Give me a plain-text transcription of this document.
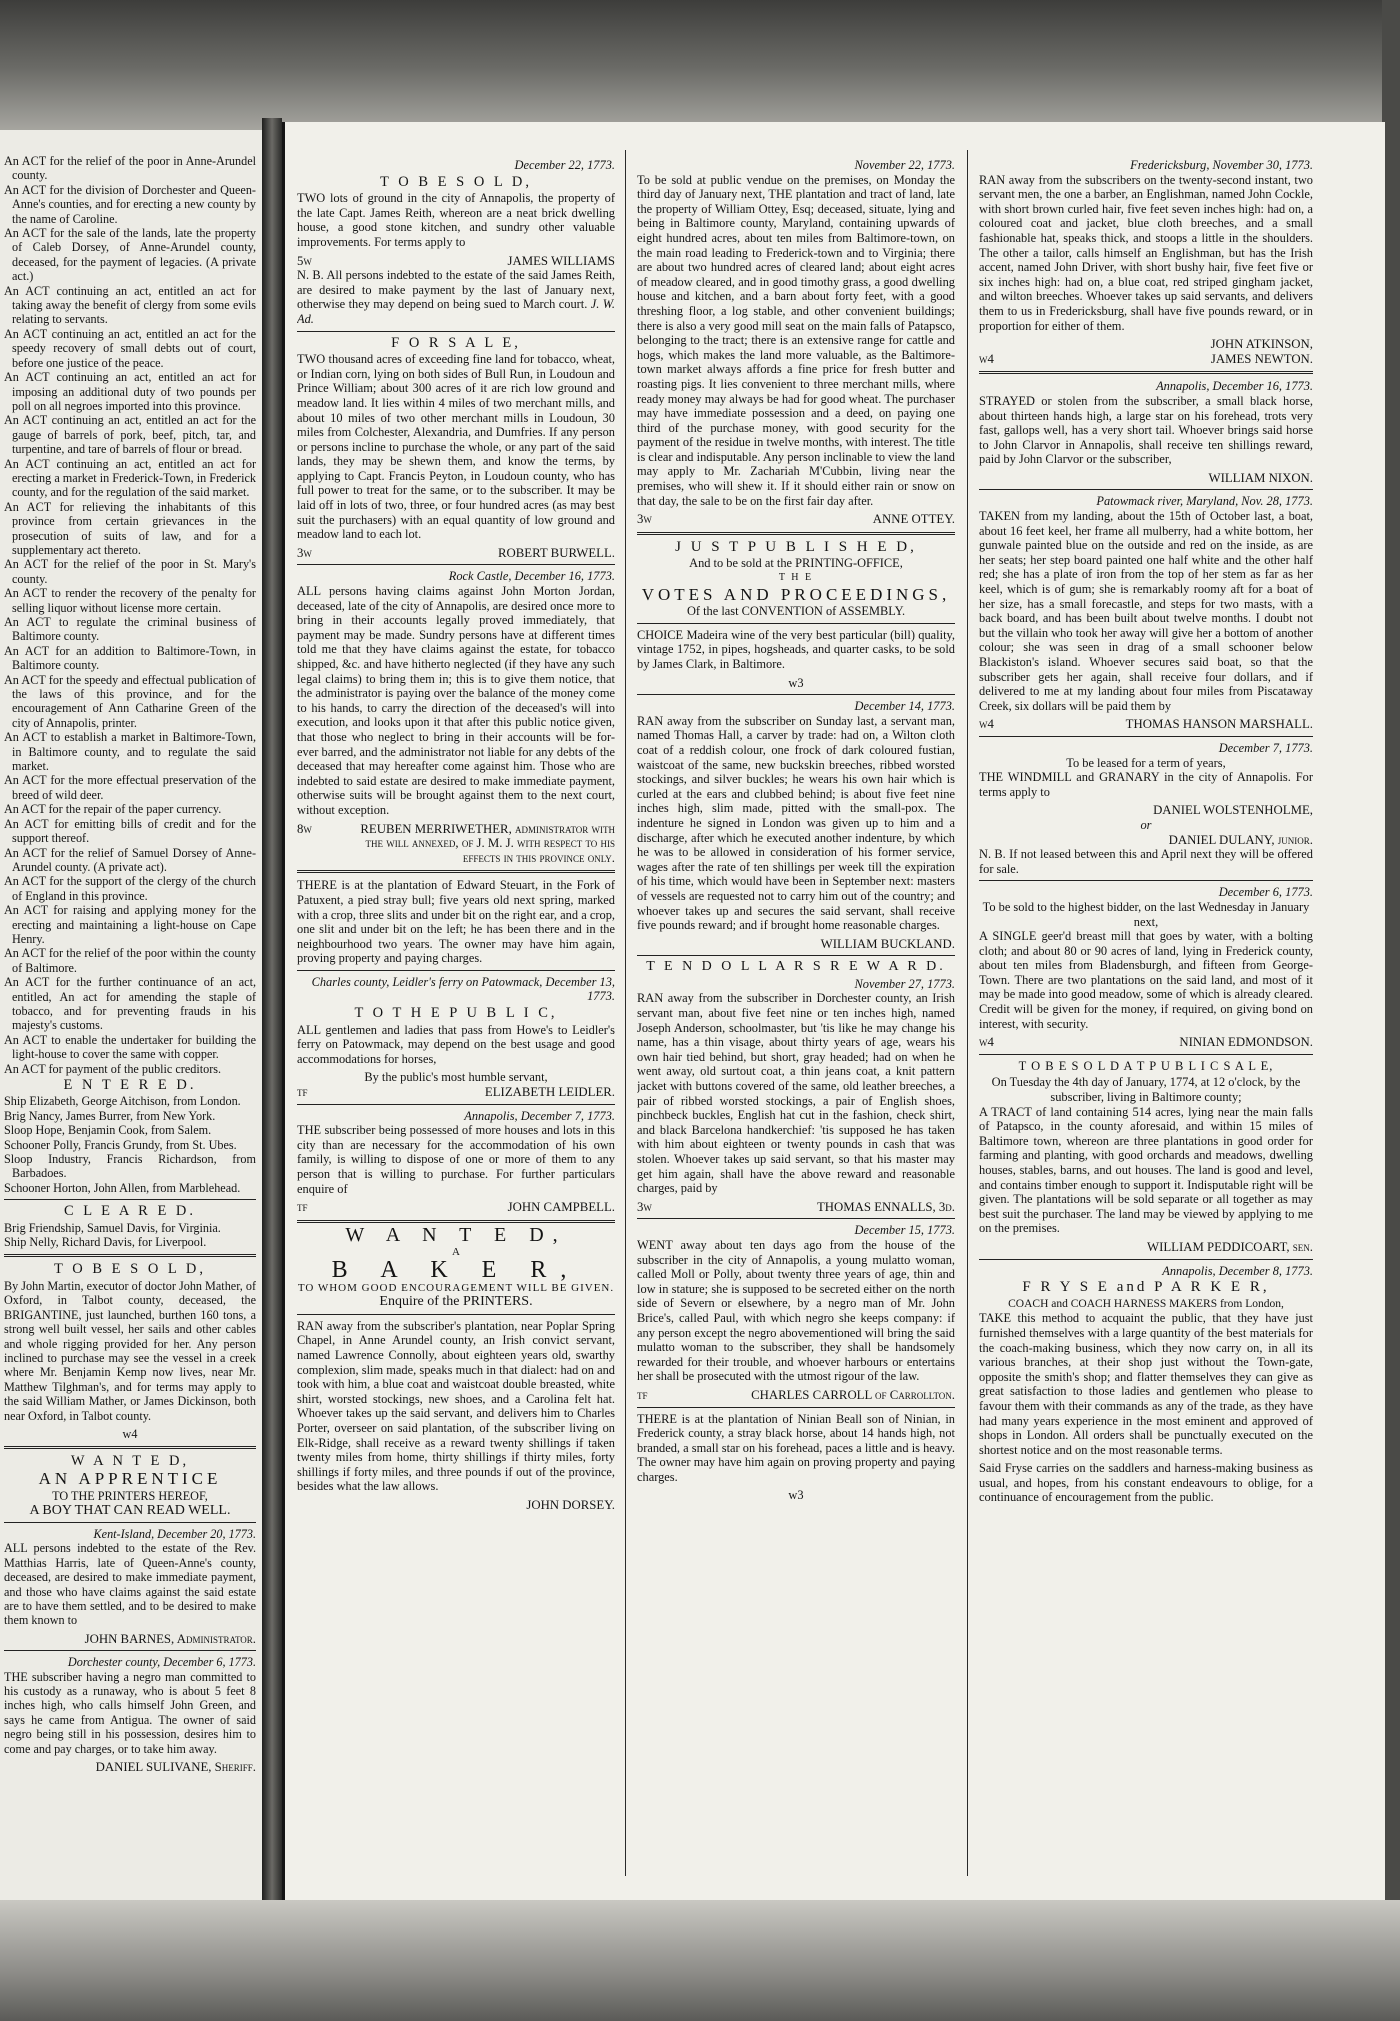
An ACT for the relief of the poor in Anne-Arundel county.

An ACT for the division of Dorchester and Queen-Anne's counties, and for erecting a new county by the name of Caroline.

An ACT for the sale of the lands, late the property of Caleb Dorsey, of Anne-Arundel county, deceased, for the payment of legacies. (A private act.)

An ACT continuing an act, entitled an act for taking away the benefit of clergy from some evils relating to servants.

An ACT continuing an act, entitled an act for the speedy recovery of small debts out of court, before one justice of the peace.

An ACT continuing an act, entitled an act for imposing an additional duty of two pounds per poll on all negroes imported into this province.

An ACT continuing an act, entitled an act for the gauge of barrels of pork, beef, pitch, tar, and turpentine, and tare of barrels of flour or bread.

An ACT continuing an act, entitled an act for erecting a market in Frederick-Town, in Frederick county, and for the regulation of the said market.

An ACT for relieving the inhabitants of this province from certain grievances in the prosecution of suits of law, and for a supplementary act thereto.

An ACT for the relief of the poor in St. Mary's county.

An ACT to render the recovery of the penalty for selling liquor without license more certain.

An ACT to regulate the criminal business of Baltimore county.

An ACT for an addition to Baltimore-Town, in Baltimore county.

An ACT for the speedy and effectual publication of the laws of this province, and for the encouragement of Ann Catharine Green of the city of Annapolis, printer.

An ACT to establish a market in Baltimore-Town, in Baltimore county, and to regulate the said market.

An ACT for the more effectual preservation of the breed of wild deer.

An ACT for the repair of the paper currency.

An ACT for emitting bills of credit and for the support thereof.

An ACT for the relief of Samuel Dorsey of Anne-Arundel county. (A private act).

An ACT for the support of the clergy of the church of England in this province.

An ACT for raising and applying money for the erecting and maintaining a light-house on Cape Henry.

An ACT for the relief of the poor within the county of Baltimore.

An ACT for the further continuance of an act, entitled, An act for amending the staple of tobacco, and for preventing frauds in his majesty's customs.

An ACT to enable the undertaker for building the light-house to cover the same with copper.

An ACT for payment of the public creditors.

E N T E R E D.

Ship Elizabeth, George Aitchison, from London.

Brig Nancy, James Burrer, from New York.

Sloop Hope, Benjamin Cook, from Salem.

Schooner Polly, Francis Grundy, from St. Ubes.

Sloop Industry, Francis Richardson, from Barbadoes.

Schooner Horton, John Allen, from Marblehead.

C L E A R E D.

Brig Friendship, Samuel Davis, for Virginia.

Ship Nelly, Richard Davis, for Liverpool.

T O B E S O L D,

By John Martin, executor of doctor John Mather, of Oxford, in Talbot county, deceased, the BRIGANTINE, just launched, burthen 160 tons, a strong well built vessel, her sails and other cables and whole rigging provided for her. Any person inclined to purchase may see the vessel in a creek where Mr. Benjamin Kemp now lives, near Mr. Matthew Tilghman's, and for terms may apply to the said William Mather, or James Dickinson, both near Oxford, in Talbot county.

w4
W A N T E D,
AN APPRENTICE
TO THE PRINTERS HEREOF,
A BOY THAT CAN READ WELL.
Kent-Island, December 20, 1773.

ALL persons indebted to the estate of the Rev. Matthias Harris, late of Queen-Anne's county, deceased, are desired to make immediate payment, and those who have claims against the said estate are to have them settled, and to be desired to make them known to

JOHN BARNES, Administrator.
Dorchester county, December 6, 1773.

THE subscriber having a negro man committed to his custody as a runaway, who is about 5 feet 8 inches high, who calls himself John Green, and says he came from Antigua. The owner of said negro being still in his possession, desires him to come and pay charges, or to take him away.

DANIEL SULIVANE, Sheriff.
December 22, 1773.
T O B E S O L D,

TWO lots of ground in the city of Annapolis, the property of the late Capt. James Reith, whereon are a neat brick dwelling house, a good stone kitchen, and sundry other valuable improvements. For terms apply to

5w	JAMES WILLIAMS

N. B. All persons indebted to the estate of the said James Reith, are desired to make payment by the last of January next, otherwise they may depend on being sued to March court. J. W. Ad.

F O R S A L E,

TWO thousand acres of exceeding fine land for tobacco, wheat, or Indian corn, lying on both sides of Bull Run, in Loudoun and Prince William; about 300 acres of it are rich low ground and meadow land. It lies within 4 miles of two merchant mills, and about 10 miles of two other merchant mills in Loudoun, 30 miles from Colchester, Alexandria, and Dumfries. If any person or persons incline to purchase the whole, or any part of the said lands, they may be shewn them, and know the terms, by applying to Capt. Francis Peyton, in Loudoun county, who has full power to treat for the same, or to the subscriber. It may be laid off in lots of two, three, or four hundred acres (as may best suit the purchasers) with an equal quantity of low ground and meadow land to each lot.

3w	ROBERT BURWELL.
Rock Castle, December 16, 1773.

ALL persons having claims against John Morton Jordan, deceased, late of the city of Annapolis, are desired once more to bring in their accounts legally proved immediately, that payment may be made. Sundry persons have at different times told me that they have claims against the estate, for tobacco shipped, &c. and have hitherto neglected (if they have any such legal claims) to bring them in; this is to give them notice, that the administrator is paying over the balance of the money come to his hands, to carry the direction of the deceased's will into execution, and looks upon it that after this public notice given, that those who neglect to bring in their accounts will be for-ever barred, and the administrator not liable for any debts of the deceased that may hereafter come against him. Those who are indebted to said estate are desired to make immediate payment, otherwise suits will be brought against them to the next court, without exception.

8w	REUBEN MERRIWETHER, administrator with the will annexed, of J. M. J. with respect to his effects in this province only.

THERE is at the plantation of Edward Steuart, in the Fork of Patuxent, a pied stray bull; five years old next spring, marked with a crop, three slits and under bit on the right ear, and a crop, one slit and under bit on the left; he has been there and in the neighbourhood two years. The owner may have him again, proving property and paying charges.

Charles county, Leidler's ferry on Patowmack, December 13, 1773.
T O T H E P U B L I C,

ALL gentlemen and ladies that pass from Howe's to Leidler's ferry on Patowmack, may depend on the best usage and good accommodations for horses,

By the public's most humble servant,
tf	ELIZABETH LEIDLER.
Annapolis, December 7, 1773.

THE subscriber being possessed of more houses and lots in this city than are necessary for the accommodation of his own family, is willing to dispose of one or more of them to any person that is willing to purchase. For further particulars enquire of

tf	JOHN CAMPBELL.
W A N T E D,
A
B A K E R,
TO WHOM GOOD ENCOURAGEMENT WILL BE GIVEN.
Enquire of the PRINTERS.

RAN away from the subscriber's plantation, near Poplar Spring Chapel, in Anne Arundel county, an Irish convict servant, named Lawrence Connolly, about eighteen years old, swarthy complexion, slim made, speaks much in that dialect: had on and took with him, a blue coat and waistcoat double breasted, white shirt, worsted stockings, new shoes, and a Carolina felt hat. Whoever takes up the said servant, and delivers him to Charles Porter, overseer on said plantation, of the subscriber living on Elk-Ridge, shall receive as a reward twenty shillings if taken twenty miles from home, thirty shillings if thirty miles, forty shillings if forty miles, and three pounds if out of the province, besides what the law allows.

JOHN DORSEY.
November 22, 1773.

To be sold at public vendue on the premises, on Monday the third day of January next, THE plantation and tract of land, late the property of William Ottey, Esq; deceased, situate, lying and being in Baltimore county, Maryland, containing upwards of eight hundred acres, about ten miles from Baltimore-town, on the main road leading to Frederick-town and to Virginia; there are about two hundred acres of cleared land; about eight acres of meadow cleared, and in good timothy grass, a good dwelling house and kitchen, and a barn about forty feet, with a good threshing floor, a log stable, and other convenient buildings; there is also a very good mill seat on the main falls of Patapsco, belonging to the tract; there is an extensive range for cattle and hogs, which makes the land more valuable, as the Baltimore-town market always affords a fine price for fresh butter and roasting pigs. It lies convenient to three merchant mills, where ready money may always be had for good wheat. The purchaser may have immediate possession and a deed, on paying one third of the purchase money, with good security for the payment of the residue in twelve months, with interest. The title is clear and indisputable. Any person inclinable to view the land may apply to Mr. Zachariah M'Cubbin, living near the premises, who will shew it. If it should either rain or snow on that day, the sale to be on the first fair day after.

3w	ANNE OTTEY.
J U S T P U B L I S H E D,
And to be sold at the PRINTING-OFFICE,
T H E
VOTES AND PROCEEDINGS,
Of the last CONVENTION of ASSEMBLY.

CHOICE Madeira wine of the very best particular (bill) quality, vintage 1752, in pipes, hogsheads, and quarter casks, to be sold by James Clark, in Baltimore.

w3
December 14, 1773.

RAN away from the subscriber on Sunday last, a servant man, named Thomas Hall, a carver by trade: had on, a Wilton cloth coat of a reddish colour, one frock of dark coloured fustian, waistcoat of the same, new buckskin breeches, ribbed worsted stockings, and silver buckles; he wears his own hair which is curled at the ears and clubbed behind; is about five feet nine inches high, slim made, pitted with the small-pox. The indenture he signed in London was given up to him and a discharge, after which he executed another indenture, by which he was to be allowed in consideration of his former service, wages after the rate of ten shillings per week till the expiration of his time, which would have been in September next: masters of vessels are requested not to carry him out of the country; and whoever takes up and secures the said servant, shall receive five pounds reward; and if brought home reasonable charges.

WILLIAM BUCKLAND.
T E N D O L L A R S R E W A R D.
November 27, 1773.

RAN away from the subscriber in Dorchester county, an Irish servant man, about five feet nine or ten inches high, named Joseph Anderson, schoolmaster, but 'tis like he may change his name, has a thin visage, about thirty years of age, wears his own hair tied behind, but short, gray headed; had on when he went away, old surtout coat, a thin jeans coat, a knit pattern jacket with buttons covered of the same, old leather breeches, a pair of ribbed worsted stockings, a pair of English shoes, pinchbeck buckles, English hat cut in the fashion, check shirt, and black Barcelona handkerchief: 'tis supposed he has taken with him about eighteen or twenty pounds in cash that was stolen. Whoever takes up said servant, so that his master may get him again, shall have the above reward and reasonable charges, paid by

3w	THOMAS ENNALLS, 3d.
December 15, 1773.

WENT away about ten days ago from the house of the subscriber in the city of Annapolis, a young mulatto woman, called Moll or Polly, about twenty three years of age, thin and low in stature; she is supposed to be secreted either on the north side of Severn or elsewhere, by a negro man of Mr. John Brice's, called Paul, with which negro she keeps company: if any person except the negro abovementioned will bring the said mulatto woman to the subscriber, they shall be handsomely rewarded for their trouble, and whoever harbours or entertains her shall be prosecuted with the utmost rigour of the law.

tf	CHARLES CARROLL of Carrollton.

THERE is at the plantation of Ninian Beall son of Ninian, in Frederick county, a stray black horse, about 14 hands high, not branded, a small star on his forehead, paces a little and is heavy. The owner may have him again on proving property and paying charges.

w3
Fredericksburg, November 30, 1773.

RAN away from the subscribers on the twenty-second instant, two servant men, the one a barber, an Englishman, named John Cockle, with short brown curled hair, five feet seven inches high: had on, a coloured coat and jacket, blue cloth breeches, and a small fashionable hat, speaks thick, and stoops a little in the shoulders. The other a tailor, calls himself an Englishman, but has the Irish accent, named John Driver, with short bushy hair, five feet five or six inches high: had on, a blue coat, red striped gingham jacket, and wilton breeches. Whoever takes up said servants, and delivers them to us in Fredericksburg, shall have five pounds reward, or in proportion for either of them.

JOHN ATKINSON,
w4	JAMES NEWTON.
Annapolis, December 16, 1773.

STRAYED or stolen from the subscriber, a small black horse, about thirteen hands high, a large star on his forehead, trots very fast, gallops well, has a very short tail. Whoever brings said horse to John Clarvor in Annapolis, shall receive ten shillings reward, paid by John Clarvor or the subscriber,

WILLIAM NIXON.
Patowmack river, Maryland, Nov. 28, 1773.

TAKEN from my landing, about the 15th of October last, a boat, about 16 feet keel, her frame all mulberry, had a white bottom, her gunwale painted blue on the outside and red on the inside, as are her seats; her step board painted one half white and the other half red; she has a plate of iron from the top of her stem as far as her keel, which is of gum; she is remarkably roomy aft for a boat of her size, has a small forecastle, and steps for two masts, with a back board, and has been built about twelve months. I doubt not but the villain who took her away will give her a bottom of another colour; she was seen in drag of a small schooner below Blackiston's island. Whoever secures said boat, so that the subscriber gets her again, shall receive four dollars, and if delivered to me at my landing about four miles from Piscataway Creek, six dollars will be paid them by

w4	THOMAS HANSON MARSHALL.
December 7, 1773.
To be leased for a term of years,

THE WINDMILL and GRANARY in the city of Annapolis. For terms apply to

DANIEL WOLSTENHOLME,
or
DANIEL DULANY, junior.

N. B. If not leased between this and April next they will be offered for sale.

December 6, 1773.
To be sold to the highest bidder, on the last Wednesday in January next,

A SINGLE geer'd breast mill that goes by water, with a bolting cloth; and about 80 or 90 acres of land, lying in Frederick county, about ten miles from Bladensburgh, and fifteen from George-Town. There are two plantations on the said land, and most of it may be made into good meadow, some of which is already cleared. Credit will be given for the money, if required, on giving bond on interest, with security.

w4	NINIAN EDMONDSON.
T O B E S O L D A T P U B L I C S A L E,
On Tuesday the 4th day of January, 1774, at 12 o'clock, by the subscriber, living in Baltimore county;

A TRACT of land containing 514 acres, lying near the main falls of Patapsco, in the county aforesaid, and within 15 miles of Baltimore town, whereon are three plantations in good order for farming and planting, with good orchards and meadows, dwelling houses, stables, barns, and out houses. The land is good and level, and contains timber enough to support it. Indisputable right will be given. The plantations will be sold separate or all together as may best suit the purchaser. The land may be viewed by applying to me on the premises.

WILLIAM PEDDICOART, sen.
Annapolis, December 8, 1773.
F R Y S E and P A R K E R,
COACH and COACH HARNESS MAKERS from London,

TAKE this method to acquaint the public, that they have just furnished themselves with a large quantity of the best materials for the coach-making business, which they now carry on, in all its various branches, at their shop just without the Town-gate, opposite the smith's shop; and flatter themselves they can give as great satisfaction to those ladies and gentlemen who please to favour them with their commands as any of the trade, as they have had many years experience in the most eminent and approved of shops in London. All orders shall be punctually executed on the shortest notice and on the most reasonable terms.

Said Fryse carries on the saddlers and harness-making business as usual, and hopes, from his constant endeavours to oblige, for a continuance of encouragement from the public.
